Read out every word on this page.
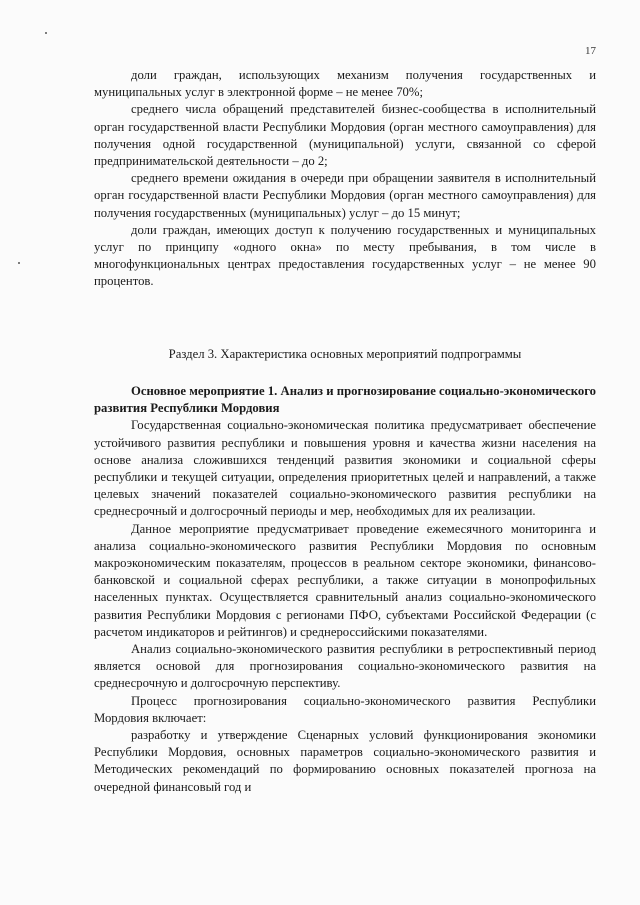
17

доли граждан, использующих механизм получения государственных и муниципальных услуг в электронной форме – не менее 70%;

среднего числа обращений представителей бизнес-сообщества в исполнительный орган государственной власти Республики Мордовия (орган местного самоуправления) для получения одной государственной (муниципальной) услуги, связанной со сферой предпринимательской деятельности – до 2;

среднего времени ожидания в очереди при обращении заявителя в исполнительный орган государственной власти Республики Мордовия (орган местного самоуправления) для получения государственных (муниципальных) услуг – до 15 минут;

доли граждан, имеющих доступ к получению государственных и муниципальных услуг по принципу «одного окна» по месту пребывания, в том числе в многофункциональных центрах предоставления государственных услуг – не менее 90 процентов.

Раздел 3. Характеристика основных мероприятий подпрограммы

Основное мероприятие 1. Анализ и прогнозирование социально-экономического развития Республики Мордовия

Государственная социально-экономическая политика предусматривает обеспечение устойчивого развития республики и повышения уровня и качества жизни населения на основе анализа сложившихся тенденций развития экономики и социальной сферы республики и текущей ситуации, определения приоритетных целей и направлений, а также целевых значений показателей социально-экономического развития республики на среднесрочный и долгосрочный периоды и мер, необходимых для их реализации.

Данное мероприятие предусматривает проведение ежемесячного мониторинга и анализа социально-экономического развития Республики Мордовия по основным макроэкономическим показателям, процессов в реальном секторе экономики, финансово-банковской и социальной сферах республики, а также ситуации в монопрофильных населенных пунктах. Осуществляется сравнительный анализ социально-экономического развития Республики Мордовия с регионами ПФО, субъектами Российской Федерации (с расчетом индикаторов и рейтингов) и среднероссийскими показателями.

Анализ социально-экономического развития республики в ретроспективный период является основой для прогнозирования социально-экономического развития на среднесрочную и долгосрочную перспективу.

Процесс прогнозирования социально-экономического развития Республики Мордовия включает:

разработку и утверждение Сценарных условий функционирования экономики Республики Мордовия, основных параметров социально-экономического развития и Методических рекомендаций по формированию основных показателей прогноза на очередной финансовый год и
